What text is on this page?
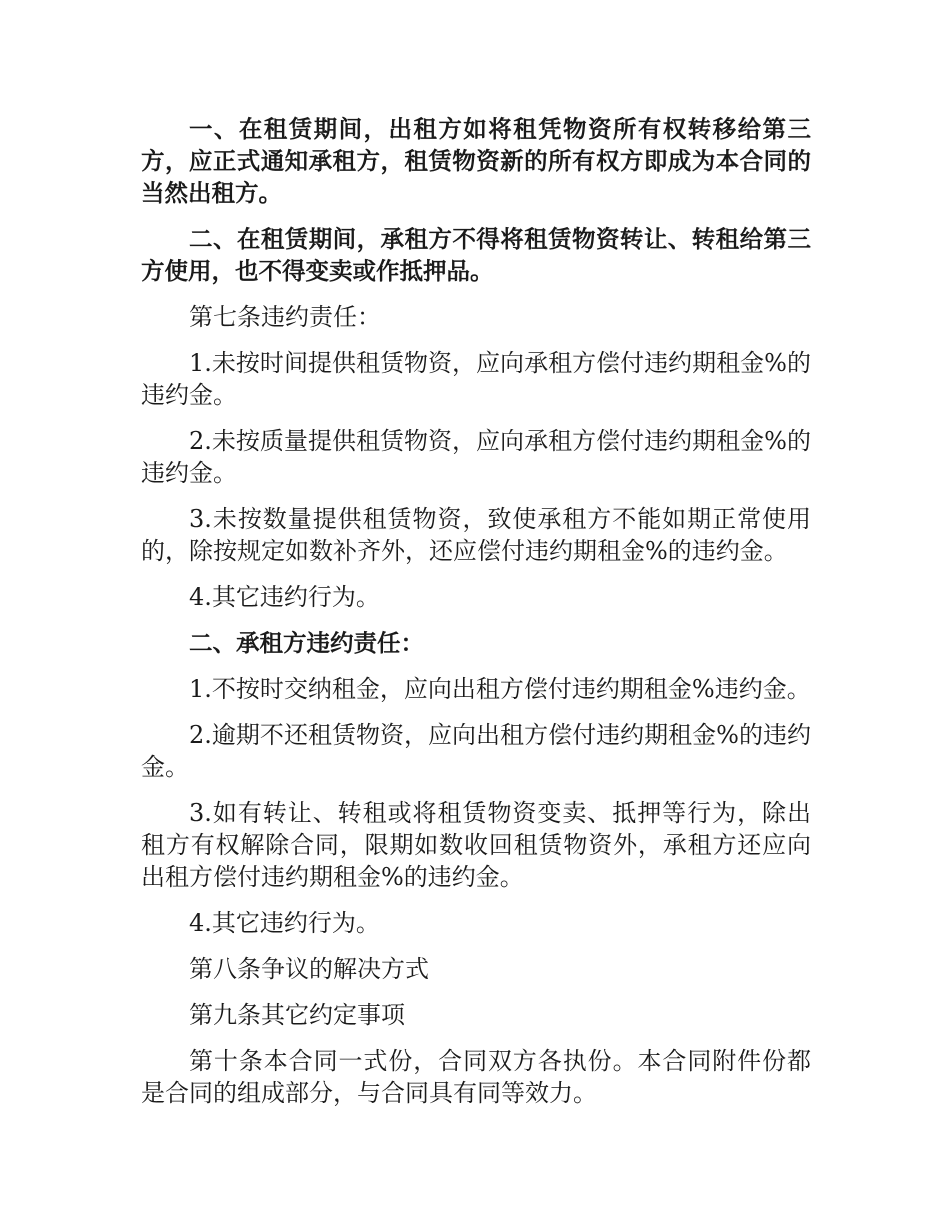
一、在租赁期间，出租方如将租凭物资所有权转移给第三方，应正式通知承租方，租赁物资新的所有权方即成为本合同的当然出租方。

二、在租赁期间，承租方不得将租赁物资转让、转租给第三方使用，也不得变卖或作抵押品。

第七条违约责任：

1.未按时间提供租赁物资，应向承租方偿付违约期租金%的违约金。

2.未按质量提供租赁物资，应向承租方偿付违约期租金%的违约金。

3.未按数量提供租赁物资，致使承租方不能如期正常使用的，除按规定如数补齐外，还应偿付违约期租金%的违约金。

4.其它违约行为。

二、承租方违约责任：

1.不按时交纳租金，应向出租方偿付违约期租金%违约金。

2.逾期不还租赁物资，应向出租方偿付违约期租金%的违约金。

3.如有转让、转租或将租赁物资变卖、抵押等行为，除出租方有权解除合同，限期如数收回租赁物资外，承租方还应向出租方偿付违约期租金%的违约金。

4.其它违约行为。

第八条争议的解决方式

第九条其它约定事项

第十条本合同一式份，合同双方各执份。本合同附件份都是合同的组成部分，与合同具有同等效力。
